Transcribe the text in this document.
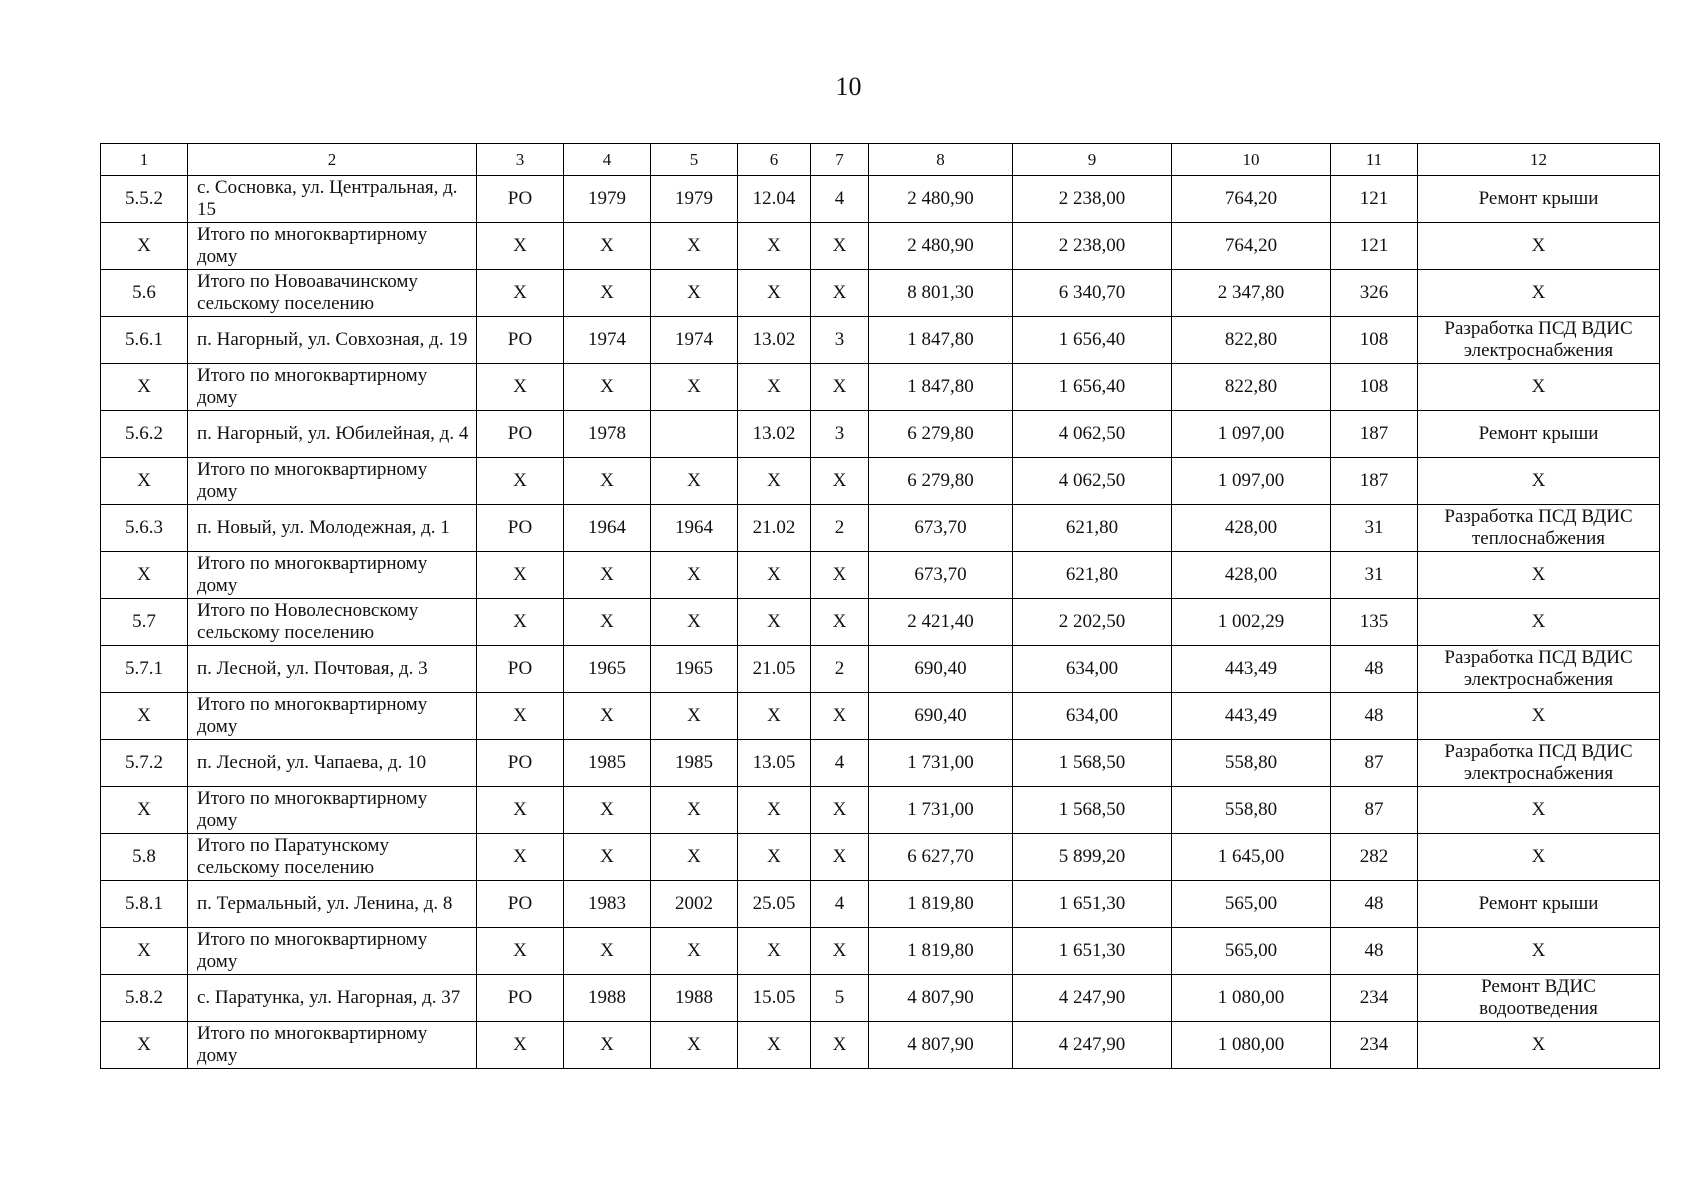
10
1	2	3	4	5	6	7	8	9	10	11	12
5.5.2	с. Сосновка, ул. Центральная, д. 15	РО	1979	1979	12.04	4	2 480,90	2 238,00	764,20	121	Ремонт крыши
Х	Итого по многоквартирному дому	Х	Х	Х	Х	Х	2 480,90	2 238,00	764,20	121	Х
5.6	Итого по Новоавачинскому сельскому поселению	Х	Х	Х	Х	Х	8 801,30	6 340,70	2 347,80	326	Х
5.6.1	п. Нагорный, ул. Совхозная, д. 19	РО	1974	1974	13.02	3	1 847,80	1 656,40	822,80	108	Разработка ПСД ВДИС электроснабжения
Х	Итого по многоквартирному дому	Х	Х	Х	Х	Х	1 847,80	1 656,40	822,80	108	Х
5.6.2	п. Нагорный, ул. Юбилейная, д. 4	РО	1978		13.02	3	6 279,80	4 062,50	1 097,00	187	Ремонт крыши
Х	Итого по многоквартирному дому	Х	Х	Х	Х	Х	6 279,80	4 062,50	1 097,00	187	Х
5.6.3	п. Новый, ул. Молодежная, д. 1	РО	1964	1964	21.02	2	673,70	621,80	428,00	31	Разработка ПСД ВДИС теплоснабжения
Х	Итого по многоквартирному дому	Х	Х	Х	Х	Х	673,70	621,80	428,00	31	Х
5.7	Итого по Новолесновскому сельскому поселению	Х	Х	Х	Х	Х	2 421,40	2 202,50	1 002,29	135	Х
5.7.1	п. Лесной, ул. Почтовая, д. 3	РО	1965	1965	21.05	2	690,40	634,00	443,49	48	Разработка ПСД ВДИС электроснабжения
Х	Итого по многоквартирному дому	Х	Х	Х	Х	Х	690,40	634,00	443,49	48	Х
5.7.2	п. Лесной, ул. Чапаева, д. 10	РО	1985	1985	13.05	4	1 731,00	1 568,50	558,80	87	Разработка ПСД ВДИС электроснабжения
Х	Итого по многоквартирному дому	Х	Х	Х	Х	Х	1 731,00	1 568,50	558,80	87	Х
5.8	Итого по Паратунскому сельскому поселению	Х	Х	Х	Х	Х	6 627,70	5 899,20	1 645,00	282	Х
5.8.1	п. Термальный, ул. Ленина, д. 8	РО	1983	2002	25.05	4	1 819,80	1 651,30	565,00	48	Ремонт крыши
Х	Итого по многоквартирному дому	Х	Х	Х	Х	Х	1 819,80	1 651,30	565,00	48	Х
5.8.2	с. Паратунка, ул. Нагорная, д. 37	РО	1988	1988	15.05	5	4 807,90	4 247,90	1 080,00	234	Ремонт ВДИС водоотведения
Х	Итого по многоквартирному дому	Х	Х	Х	Х	Х	4 807,90	4 247,90	1 080,00	234	Х
